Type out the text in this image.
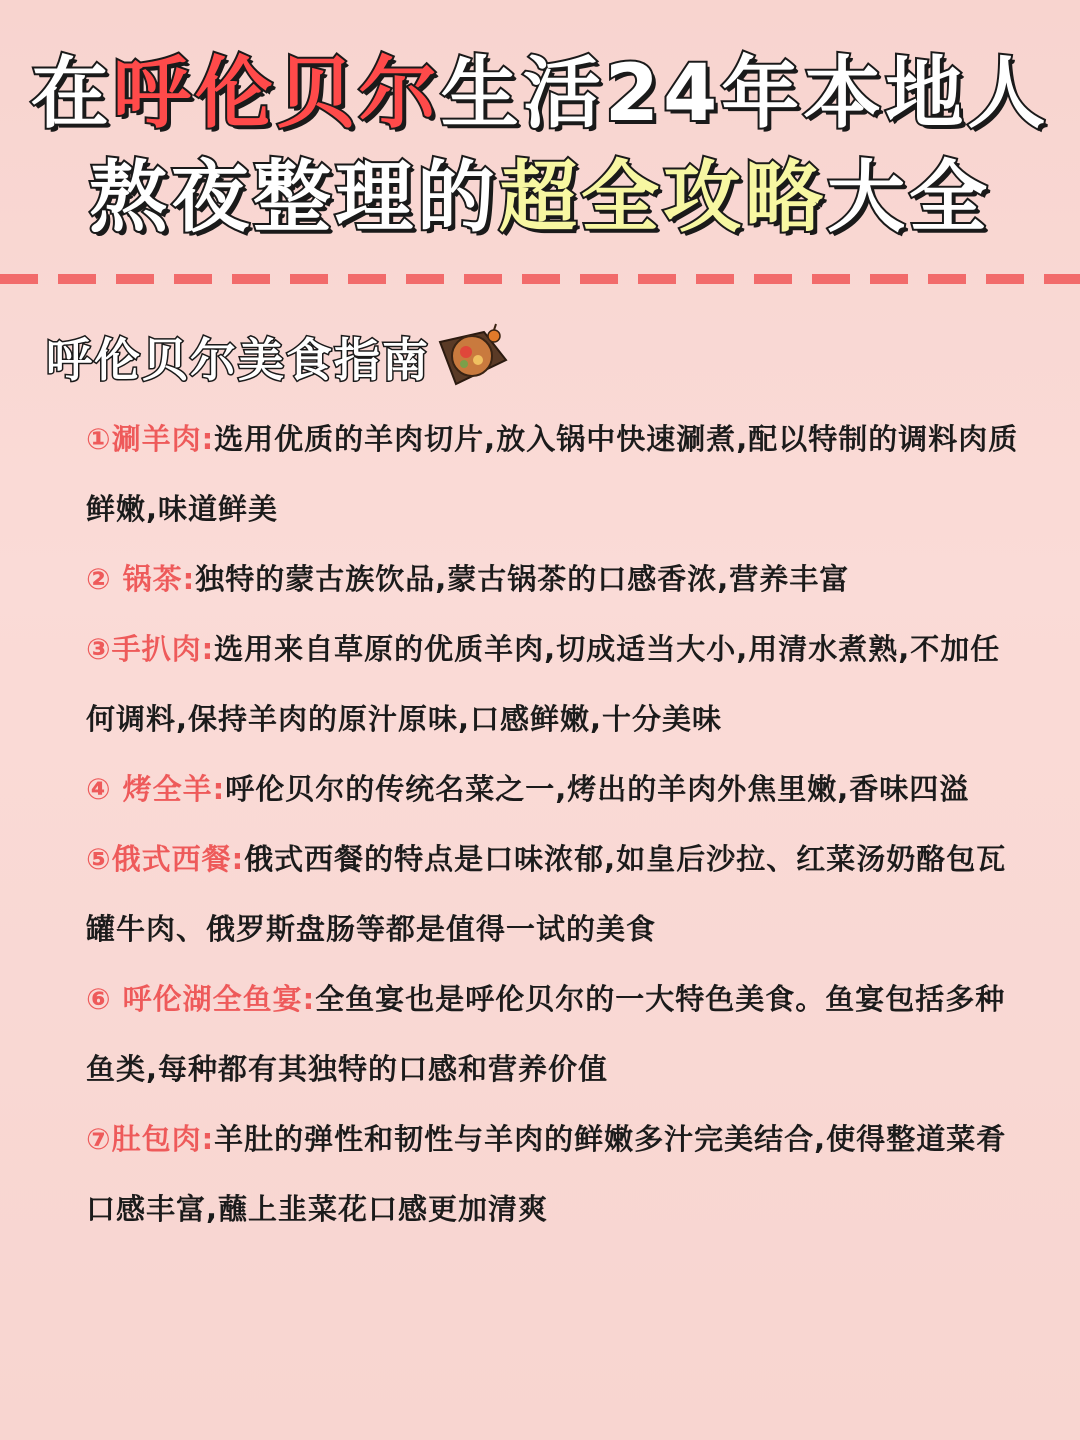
在呼伦贝尔生活24年本地人
熬夜整理的超全攻略大全
呼伦贝尔美食指南
①涮羊肉:选用优质的羊肉切片,放入锅中快速涮煮,配以特制的调料肉质鲜嫩,味道鲜美
② 锅茶:独特的蒙古族饮品,蒙古锅茶的口感香浓,营养丰富
③手扒肉:选用来自草原的优质羊肉,切成适当大小,用清水煮熟,不加任何调料,保持羊肉的原汁原味,口感鲜嫩,十分美味
④ 烤全羊:呼伦贝尔的传统名菜之一,烤出的羊肉外焦里嫩,香味四溢
⑤俄式西餐:俄式西餐的特点是口味浓郁,如皇后沙拉、红菜汤奶酪包瓦罐牛肉、俄罗斯盘肠等都是值得一试的美食
⑥ 呼伦湖全鱼宴:全鱼宴也是呼伦贝尔的一大特色美食。鱼宴包括多种鱼类,每种都有其独特的口感和营养价值
⑦肚包肉:羊肚的弹性和韧性与羊肉的鲜嫩多汁完美结合,使得整道菜肴口感丰富,蘸上韭菜花口感更加清爽
